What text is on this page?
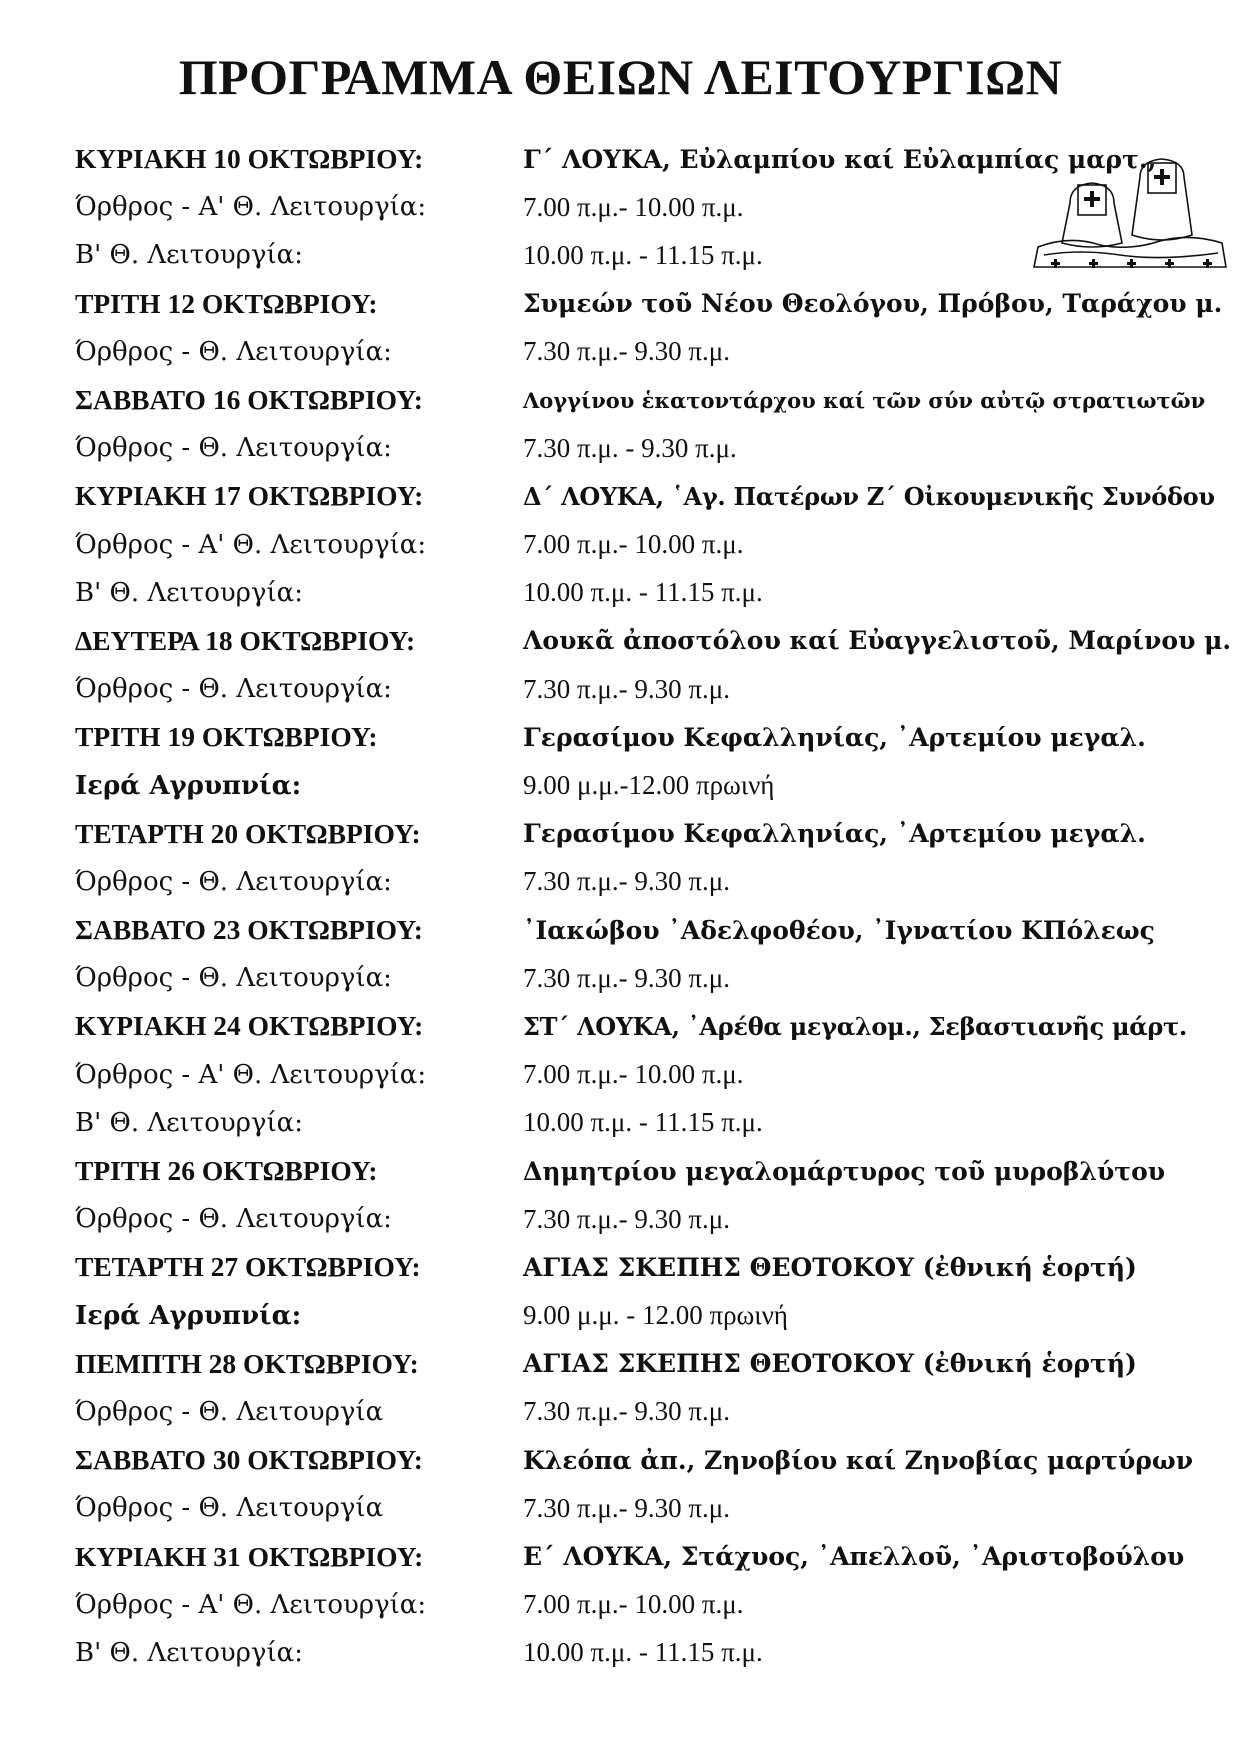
ΠΡΟΓΡΑΜΜΑ ΘΕΙΩΝ ΛΕΙΤΟΥΡΓΙΩΝ
ΚΥΡΙΑΚΗ 10 ΟΚΤΩΒΡΙΟΥ:	Γ΄ ΛΟΥΚΑ, Εὐλαμπίου καί Εὐλαμπίας μαρτ.,
Όρθρος - Α' Θ. Λειτουργία:	7.00 π.μ.- 10.00 π.μ.
Β' Θ. Λειτουργία:	10.00 π.μ. - 11.15 π.μ.
ΤΡΙΤΗ 12 ΟΚΤΩΒΡΙΟΥ:	Συμεών τοῦ Νέου Θεολόγου, Πρόβου, Ταράχου μ.
Όρθρος - Θ. Λειτουργία:	7.30 π.μ.- 9.30 π.μ.
ΣΑΒΒΑΤΟ 16 ΟΚΤΩΒΡΙΟΥ:	Λογγίνου ἑκατοντάρχου καί τῶν σύν αὐτῷ στρατιωτῶν
Όρθρος - Θ. Λειτουργία:	7.30 π.μ. - 9.30 π.μ.
ΚΥΡΙΑΚΗ 17 ΟΚΤΩΒΡΙΟΥ:	Δ΄ ΛΟΥΚΑ, ῾Αγ. Πατέρων Ζ΄ Οἰκουμενικῆς Συνόδου
Όρθρος - Α' Θ. Λειτουργία:	7.00 π.μ.- 10.00 π.μ.
Β' Θ. Λειτουργία:	10.00 π.μ. - 11.15 π.μ.
ΔΕΥΤΕΡΑ 18 ΟΚΤΩΒΡΙΟΥ:	Λουκᾶ ἀποστόλου καί Εὐαγγελιστοῦ, Μαρίνου μ.
Όρθρος - Θ. Λειτουργία:	7.30 π.μ.- 9.30 π.μ.
ΤΡΙΤΗ 19 ΟΚΤΩΒΡΙΟΥ:	Γερασίμου Κεφαλληνίας, ᾿Αρτεμίου μεγαλ.
Ιερά Αγρυπνία:	9.00 μ.μ.-12.00 πρωινή
ΤΕΤΑΡΤΗ 20 ΟΚΤΩΒΡΙΟΥ:	Γερασίμου Κεφαλληνίας, ᾿Αρτεμίου μεγαλ.
Όρθρος - Θ. Λειτουργία:	7.30 π.μ.- 9.30 π.μ.
ΣΑΒΒΑΤΟ 23 ΟΚΤΩΒΡΙΟΥ:	᾿Ιακώβου ᾿Αδελφοθέου, ᾿Ιγνατίου ΚΠόλεως
Όρθρος - Θ. Λειτουργία:	7.30 π.μ.- 9.30 π.μ.
ΚΥΡΙΑΚΗ 24 ΟΚΤΩΒΡΙΟΥ:	ΣΤ΄ ΛΟΥΚΑ, ᾿Αρέθα μεγαλομ., Σεβαστιανῆς μάρτ.
Όρθρος - Α' Θ. Λειτουργία:	7.00 π.μ.- 10.00 π.μ.
Β' Θ. Λειτουργία:	10.00 π.μ. - 11.15 π.μ.
ΤΡΙΤΗ 26 ΟΚΤΩΒΡΙΟΥ:	Δημητρίου μεγαλομάρτυρος τοῦ μυροβλύτου
Όρθρος - Θ. Λειτουργία:	7.30 π.μ.- 9.30 π.μ.
ΤΕΤΑΡΤΗ 27 ΟΚΤΩΒΡΙΟΥ:	ΑΓΙΑΣ ΣΚΕΠΗΣ ΘΕΟΤΟΚΟΥ (ἐθνική ἑορτή)
Ιερά Αγρυπνία:	9.00 μ.μ. - 12.00 πρωινή
ΠΕΜΠΤΗ 28 ΟΚΤΩΒΡΙΟΥ:	ΑΓΙΑΣ ΣΚΕΠΗΣ ΘΕΟΤΟΚΟΥ (ἐθνική ἑορτή)
Όρθρος - Θ. Λειτουργία	7.30 π.μ.- 9.30 π.μ.
ΣΑΒΒΑΤΟ 30 ΟΚΤΩΒΡΙΟΥ:	Κλεόπα ἀπ., Ζηνοβίου καί Ζηνοβίας μαρτύρων
Όρθρος - Θ. Λειτουργία	7.30 π.μ.- 9.30 π.μ.
ΚΥΡΙΑΚΗ 31 ΟΚΤΩΒΡΙΟΥ:	Ε΄ ΛΟΥΚΑ, Στάχυος, ᾿Απελλοῦ, ᾿Αριστοβούλου
Όρθρος - Α' Θ. Λειτουργία:	7.00 π.μ.- 10.00 π.μ.
Β' Θ. Λειτουργία:	10.00 π.μ. - 11.15 π.μ.
